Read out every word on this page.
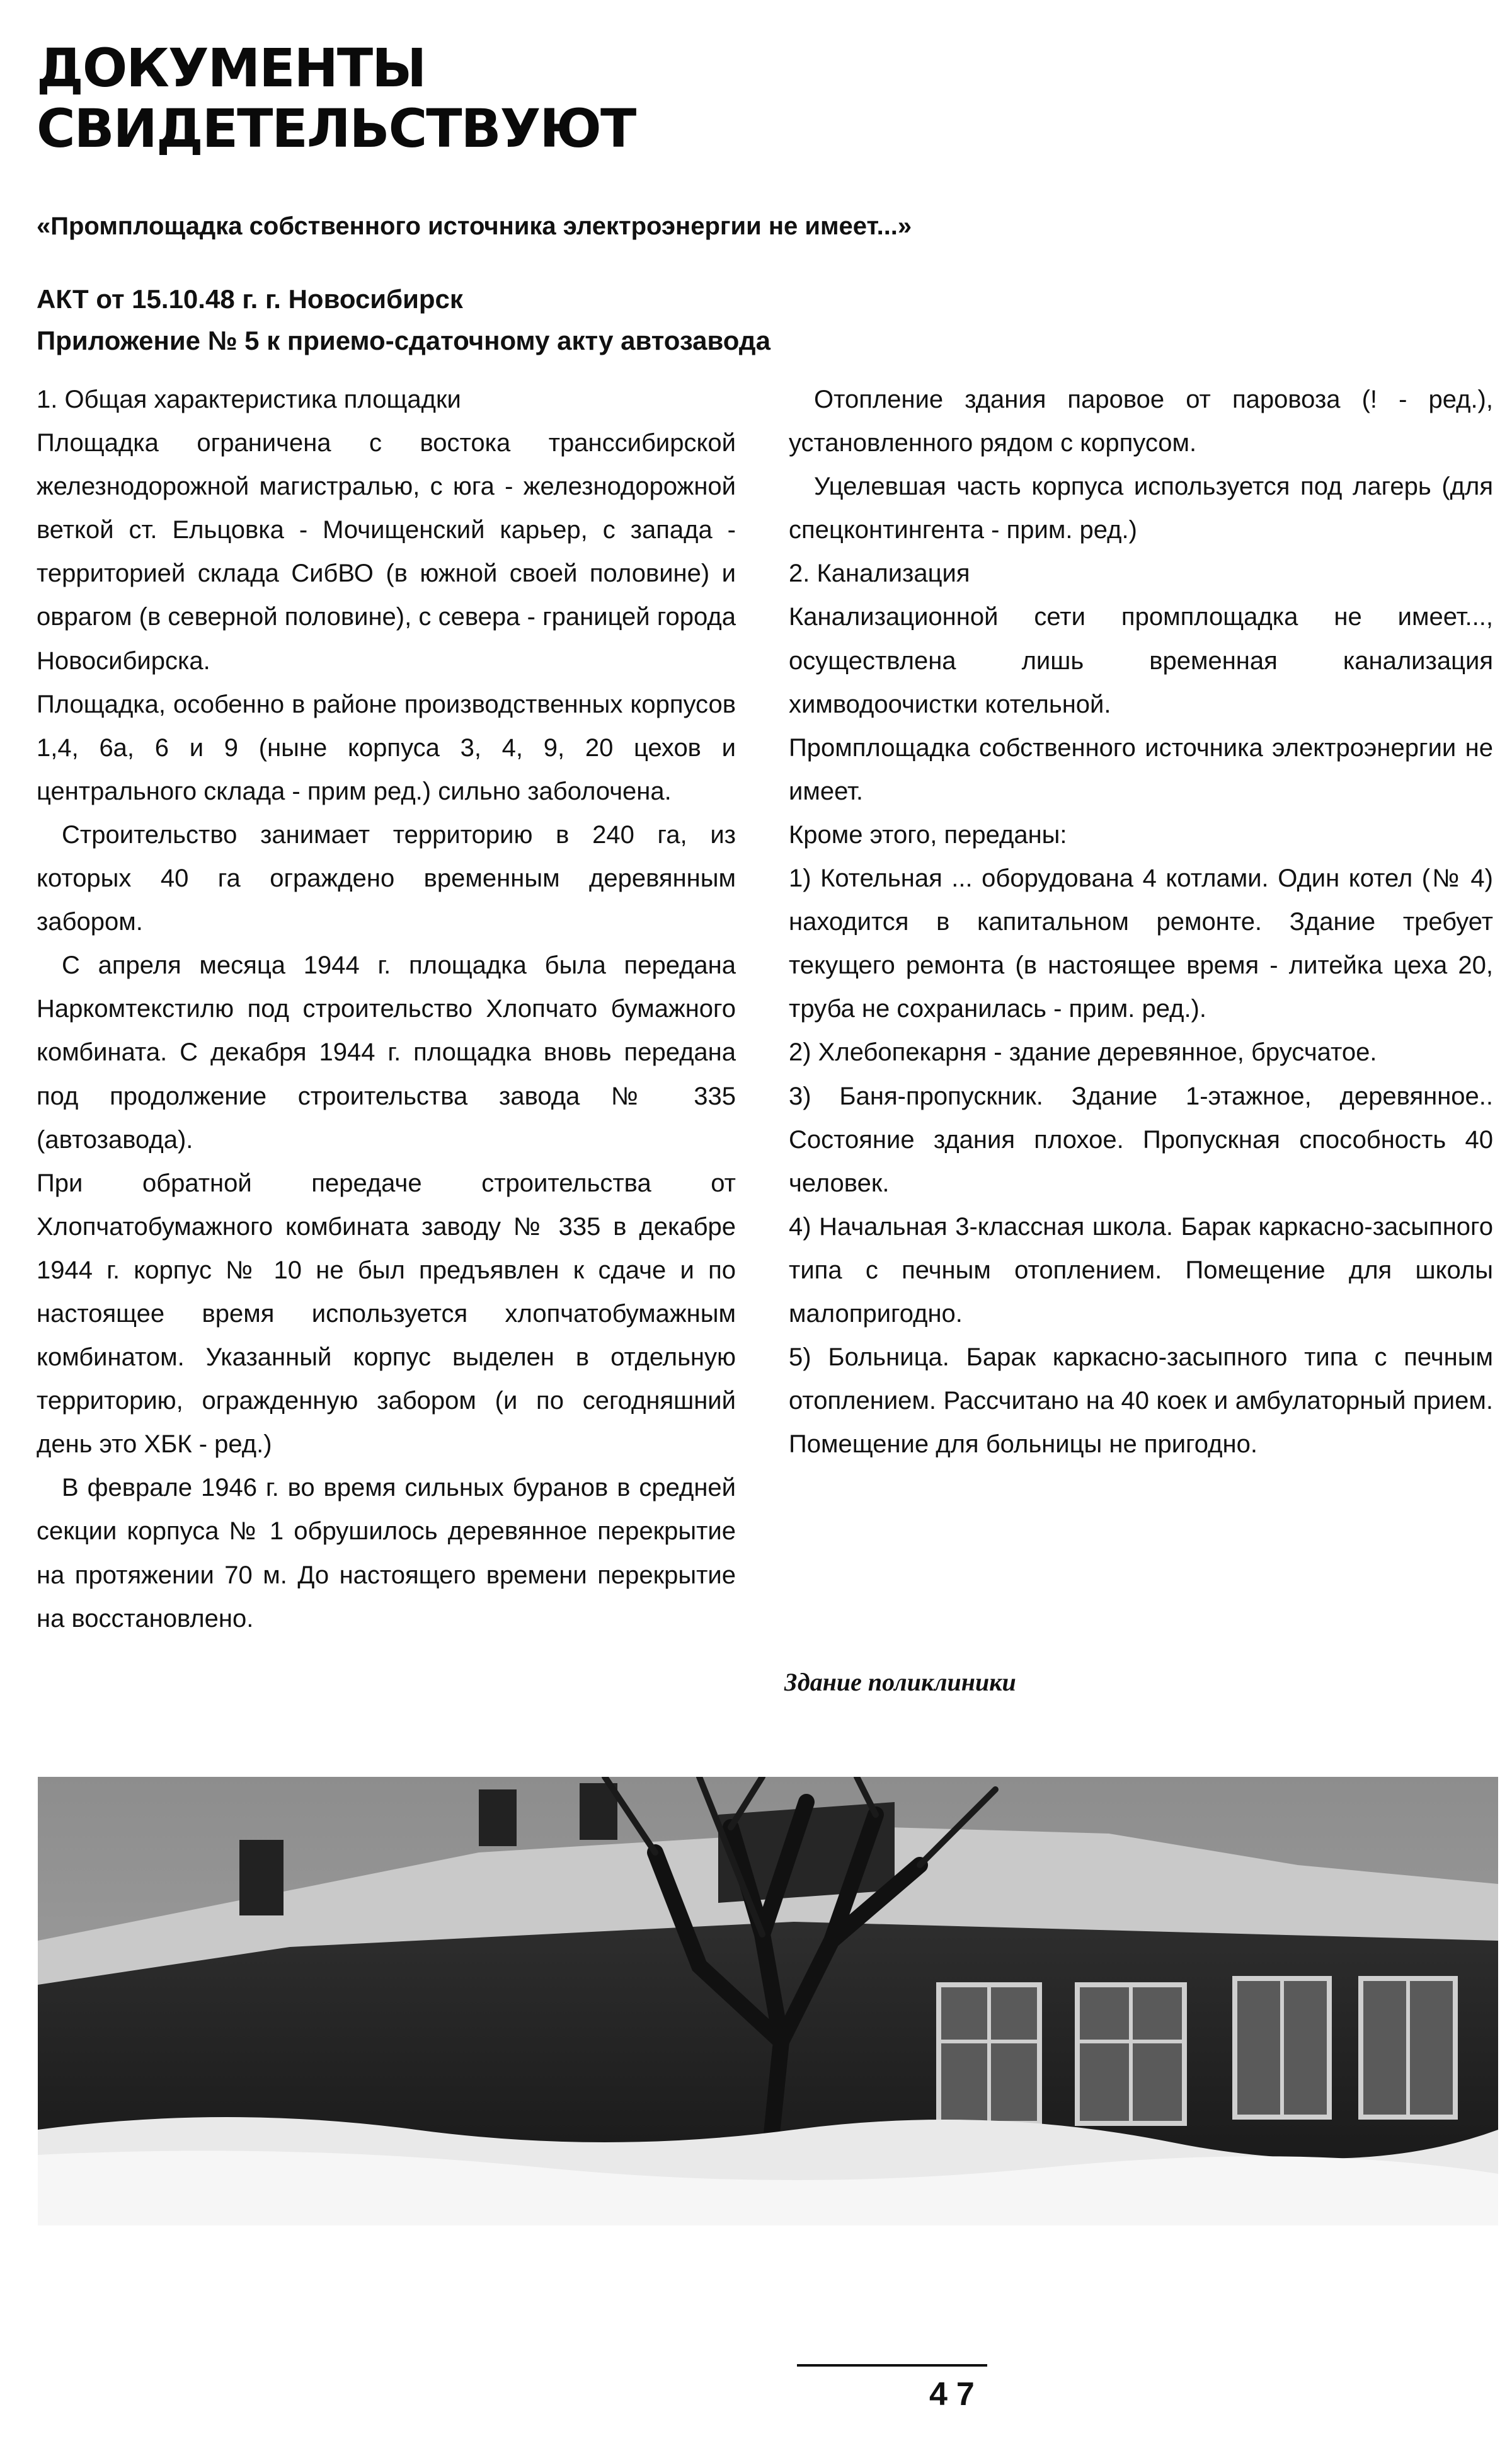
ДОКУМЕНТЫ
СВИДЕТЕЛЬСТВУЮТ

«Промплощадка собственного источника электроэнергии не имеет...»

АКТ от 15.10.48 г. г. Новосибирск
Приложение № 5 к приемо-сдаточному акту автозавода

1. Общая характеристика площадки

Площадка ограничена с востока транссибирской железнодорожной магистралью, с юга - железнодорожной веткой ст. Ельцовка - Мочищенский карьер, с запада - территорией склада СибВО (в южной своей половине) и оврагом (в северной половине), с севера - границей города Новосибирска.

Площадка, особенно в районе производственных корпусов 1,4, 6а, 6 и 9 (ныне корпуса 3, 4, 9, 20 цехов и центрального склада - прим ред.) сильно заболочена.

Строительство занимает территорию в 240 га, из которых 40 га ограждено временным деревянным забором.

С апреля месяца 1944 г. площадка была передана Наркомтекстилю под строительство Хлопчато бумажного комбината. С декабря 1944 г. площадка вновь передана под продолжение строительства завода № 335 (автозавода).

При обратной передаче строительства от Хлопчатобумажного комбината заводу № 335 в декабре 1944 г. корпус № 10 не был предъявлен к сдаче и по настоящее время используется хлопчатобумажным комбинатом. Указанный корпус выделен в отдельную территорию, огражденную забором (и по сегодняшний день это ХБК - ред.)

В феврале 1946 г. во время сильных буранов в средней секции корпуса № 1 обрушилось деревянное перекрытие на протяжении 70 м. До настоящего времени перекрытие на восстановлено.

Отопление здания паровое от паровоза (! - ред.), установленного рядом с корпусом.

Уцелевшая часть корпуса используется под лагерь (для спецконтингента - прим. ред.)

2. Канализация

Канализационной сети промплощадка не имеет..., осуществлена лишь временная канализация химводоочистки котельной.

Промплощадка собственного источника электроэнергии не имеет.

Кроме этого, переданы:

1) Котельная ... оборудована 4 котлами. Один котел (№ 4) находится в капитальном ремонте. Здание требует текущего ремонта (в настоящее время - литейка цеха 20, труба не сохранилась - прим. ред.).

2) Хлебопекарня - здание деревянное, брусчатое.

3) Баня-пропускник. Здание 1-этажное, деревянное.. Состояние здания плохое. Пропускная способность 40 человек.

4) Начальная 3-классная школа. Барак каркасно-засыпного типа с печным отоплением. Помещение для школы малопригодно.

5) Больница. Барак каркасно-засыпного типа с печным отоплением. Рассчитано на 40 коек и амбулаторный прием. Помещение для больницы не пригодно.

Здание поликлиники

47
